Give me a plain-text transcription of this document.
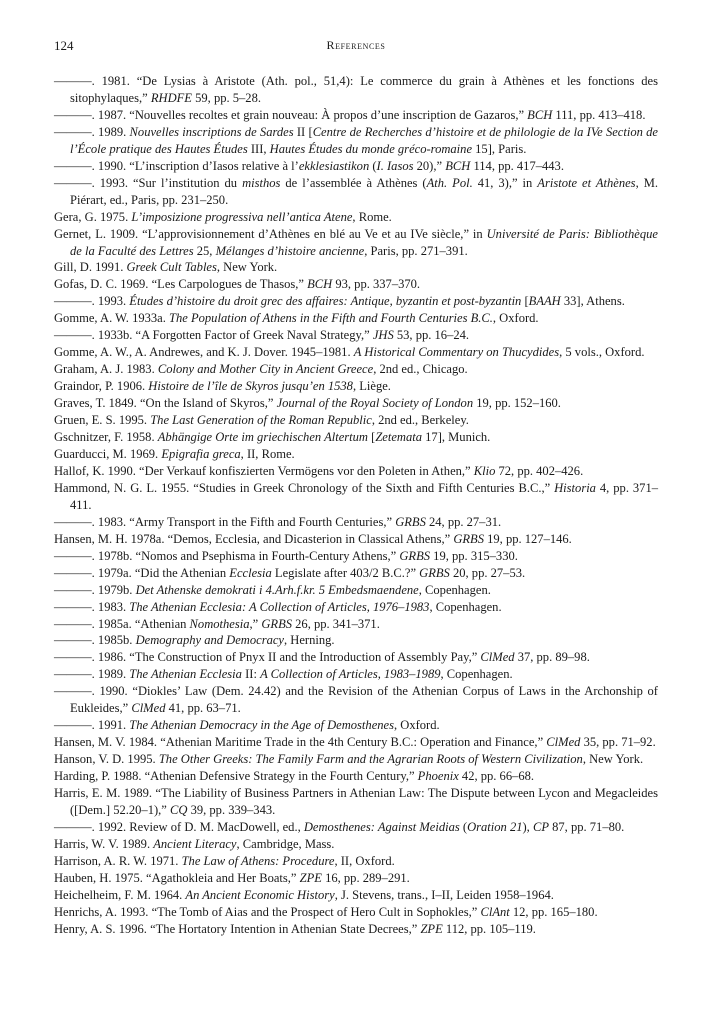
124	References

———. 1981. “De Lysias à Aristote (Ath. pol., 51,4): Le commerce du grain à Athènes et les fonctions des sitophylaques,” RHDFE 59, pp. 5–28.

———. 1987. “Nouvelles recoltes et grain nouveau: À propos d’une inscription de Gazaros,” BCH 111, pp. 413–418.

———. 1989. Nouvelles inscriptions de Sardes II [Centre de Recherches d’histoire et de philologie de la IVe Section de l’École pratique des Hautes Études III, Hautes Études du monde gréco-romaine 15], Paris.

———. 1990. “L’inscription d’Iasos relative à l’ekklesiastikon (I. Iasos 20),” BCH 114, pp. 417–443.

———. 1993. “Sur l’institution du misthos de l’assemblée à Athènes (Ath. Pol. 41, 3),” in Aristote et Athènes, M. Piérart, ed., Paris, pp. 231–250.

Gera, G. 1975. L’imposizione progressiva nell’antica Atene, Rome.

Gernet, L. 1909. “L’approvisionnement d’Athènes en blé au Ve et au IVe siècle,” in Université de Paris: Bibliothèque de la Faculté des Lettres 25, Mélanges d’histoire ancienne, Paris, pp. 271–391.

Gill, D. 1991. Greek Cult Tables, New York.

Gofas, D. C. 1969. “Les Carpologues de Thasos,” BCH 93, pp. 337–370.

———. 1993. Études d’histoire du droit grec des affaires: Antique, byzantin et post-byzantin [BAAH 33], Athens.

Gomme, A. W. 1933a. The Population of Athens in the Fifth and Fourth Centuries B.C., Oxford.

———. 1933b. “A Forgotten Factor of Greek Naval Strategy,” JHS 53, pp. 16–24.

Gomme, A. W., A. Andrewes, and K. J. Dover. 1945–1981. A Historical Commentary on Thucydides, 5 vols., Oxford.

Graham, A. J. 1983. Colony and Mother City in Ancient Greece, 2nd ed., Chicago.

Graindor, P. 1906. Histoire de l’île de Skyros jusqu’en 1538, Liège.

Graves, T. 1849. “On the Island of Skyros,” Journal of the Royal Society of London 19, pp. 152–160.

Gruen, E. S. 1995. The Last Generation of the Roman Republic, 2nd ed., Berkeley.

Gschnitzer, F. 1958. Abhängige Orte im griechischen Altertum [Zetemata 17], Munich.

Guarducci, M. 1969. Epigrafia greca, II, Rome.

Hallof, K. 1990. “Der Verkauf konfiszierten Vermögens vor den Poleten in Athen,” Klio 72, pp. 402–426.

Hammond, N. G. L. 1955. “Studies in Greek Chronology of the Sixth and Fifth Centuries B.C.,” Historia 4, pp. 371–411.

———. 1983. “Army Transport in the Fifth and Fourth Centuries,” GRBS 24, pp. 27–31.

Hansen, M. H. 1978a. “Demos, Ecclesia, and Dicasterion in Classical Athens,” GRBS 19, pp. 127–146.

———. 1978b. “Nomos and Psephisma in Fourth-Century Athens,” GRBS 19, pp. 315–330.

———. 1979a. “Did the Athenian Ecclesia Legislate after 403/2 B.C.?” GRBS 20, pp. 27–53.

———. 1979b. Det Athenske demokrati i 4.Arh.f.kr. 5 Embedsmaendene, Copenhagen.

———. 1983. The Athenian Ecclesia: A Collection of Articles, 1976–1983, Copenhagen.

———. 1985a. “Athenian Nomothesia,” GRBS 26, pp. 341–371.

———. 1985b. Demography and Democracy, Herning.

———. 1986. “The Construction of Pnyx II and the Introduction of Assembly Pay,” ClMed 37, pp. 89–98.

———. 1989. The Athenian Ecclesia II: A Collection of Articles, 1983–1989, Copenhagen.

———. 1990. “Diokles’ Law (Dem. 24.42) and the Revision of the Athenian Corpus of Laws in the Archonship of Eukleides,” ClMed 41, pp. 63–71.

———. 1991. The Athenian Democracy in the Age of Demosthenes, Oxford.

Hansen, M. V. 1984. “Athenian Maritime Trade in the 4th Century B.C.: Operation and Finance,” ClMed 35, pp. 71–92.

Hanson, V. D. 1995. The Other Greeks: The Family Farm and the Agrarian Roots of Western Civilization, New York.

Harding, P. 1988. “Athenian Defensive Strategy in the Fourth Century,” Phoenix 42, pp. 66–68.

Harris, E. M. 1989. “The Liability of Business Partners in Athenian Law: The Dispute between Lycon and Megacleides ([Dem.] 52.20–1),” CQ 39, pp. 339–343.

———. 1992. Review of D. M. MacDowell, ed., Demosthenes: Against Meidias (Oration 21), CP 87, pp. 71–80.

Harris, W. V. 1989. Ancient Literacy, Cambridge, Mass.

Harrison, A. R. W. 1971. The Law of Athens: Procedure, II, Oxford.

Hauben, H. 1975. “Agathokleia and Her Boats,” ZPE 16, pp. 289–291.

Heichelheim, F. M. 1964. An Ancient Economic History, J. Stevens, trans., I–II, Leiden 1958–1964.

Henrichs, A. 1993. “The Tomb of Aias and the Prospect of Hero Cult in Sophokles,” ClAnt 12, pp. 165–180.

Henry, A. S. 1996. “The Hortatory Intention in Athenian State Decrees,” ZPE 112, pp. 105–119.
